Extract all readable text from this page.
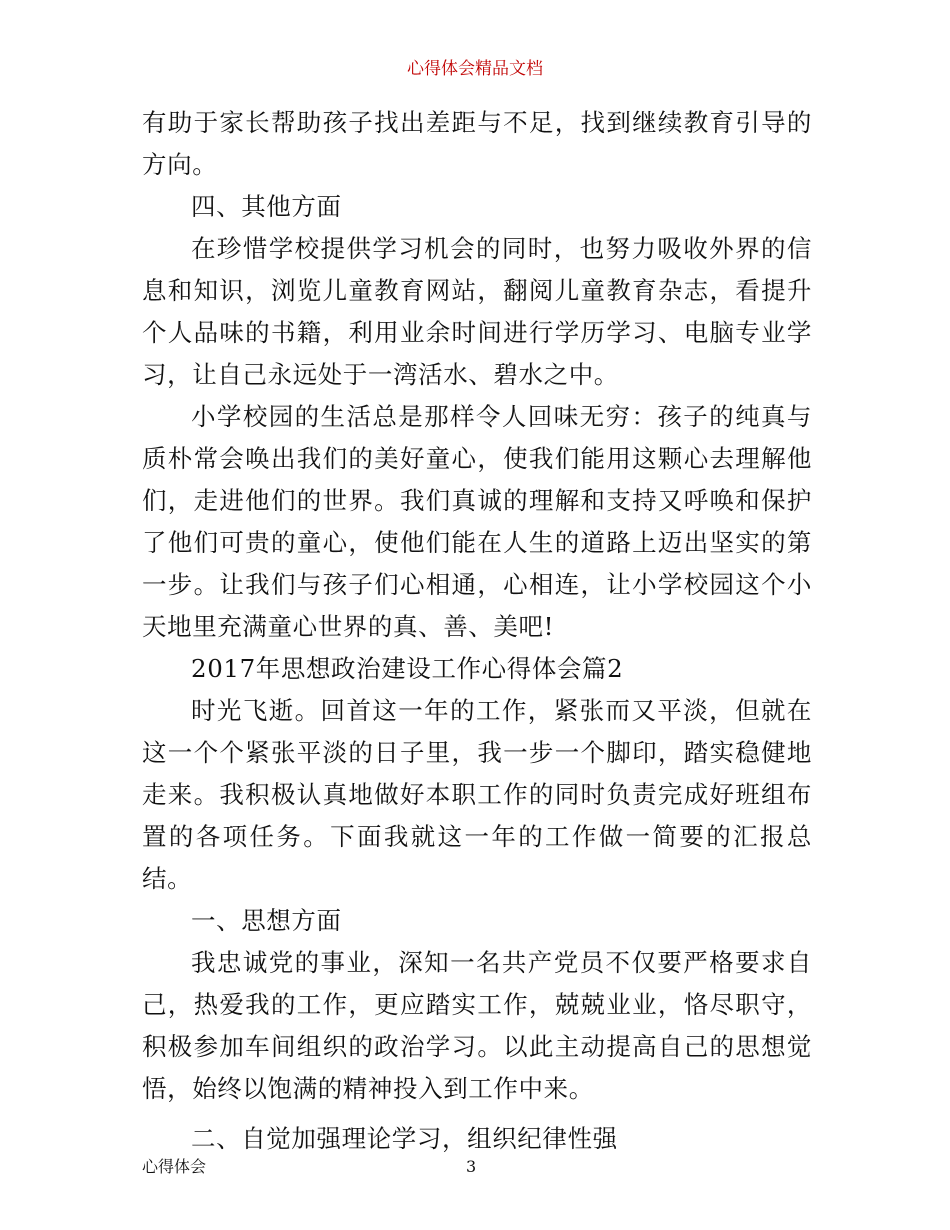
心得体会精品文档

有助于家长帮助孩子找出差距与不足，找到继续教育引导的方向。

四、其他方面

在珍惜学校提供学习机会的同时，也努力吸收外界的信息和知识，浏览儿童教育网站，翻阅儿童教育杂志，看提升个人品味的书籍，利用业余时间进行学历学习、电脑专业学习，让自己永远处于一湾活水、碧水之中。

小学校园的生活总是那样令人回味无穷：孩子的纯真与质朴常会唤出我们的美好童心，使我们能用这颗心去理解他们，走进他们的世界。我们真诚的理解和支持又呼唤和保护了他们可贵的童心，使他们能在人生的道路上迈出坚实的第一步。让我们与孩子们心相通，心相连，让小学校园这个小天地里充满童心世界的真、善、美吧!

2017年思想政治建设工作心得体会篇2

时光飞逝。回首这一年的工作，紧张而又平淡，但就在这一个个紧张平淡的日子里，我一步一个脚印，踏实稳健地走来。我积极认真地做好本职工作的同时负责完成好班组布置的各项任务。下面我就这一年的工作做一简要的汇报总结。

一、思想方面

我忠诚党的事业，深知一名共产党员不仅要严格要求自己，热爱我的工作，更应踏实工作，兢兢业业，恪尽职守，积极参加车间组织的政治学习。以此主动提高自己的思想觉悟，始终以饱满的精神投入到工作中来。

二、自觉加强理论学习，组织纪律性强

心得体会	3
